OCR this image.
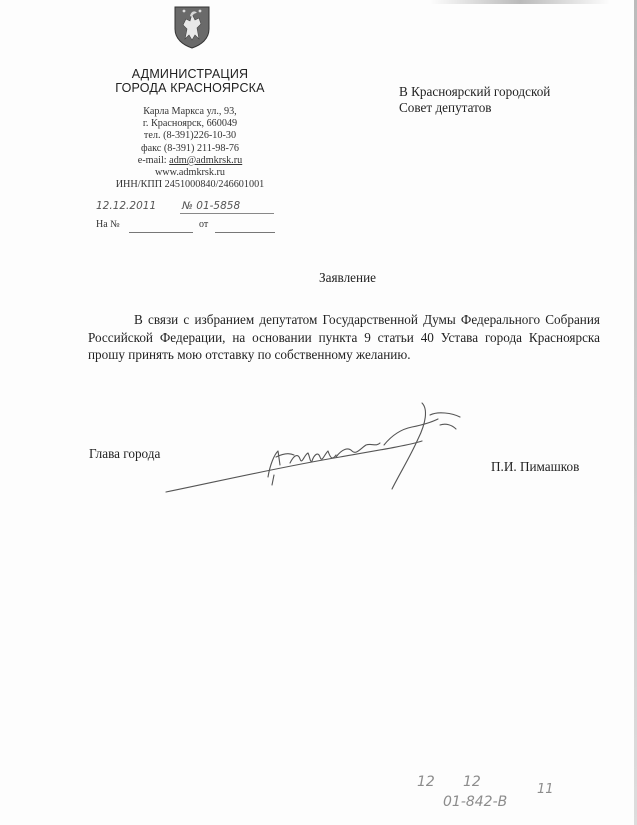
АДМИНИСТРАЦИЯ
ГОРОДА КРАСНОЯРСКА
Карла Маркса ул., 93,
г. Красноярск, 660049
тел. (8-391)226-10-30
факс (8-391) 211-98-76
e-mail: adm@admkrsk.ru
www.admkrsk.ru
ИНН/КПП 2451000840/246601001
12.12.2011 № 01-5858
На №	от
В Красноярский городской
Совет депутатов
Заявление
В связи с избранием депутатом Государственной Думы Федерального Собрания Российской Федерации, на основании пункта 9 статьи 40 Устава города Красноярска прошу принять мою отставку по собственному желанию.
Глава города
П.И. Пимашков
12 12	11
01-842-В
